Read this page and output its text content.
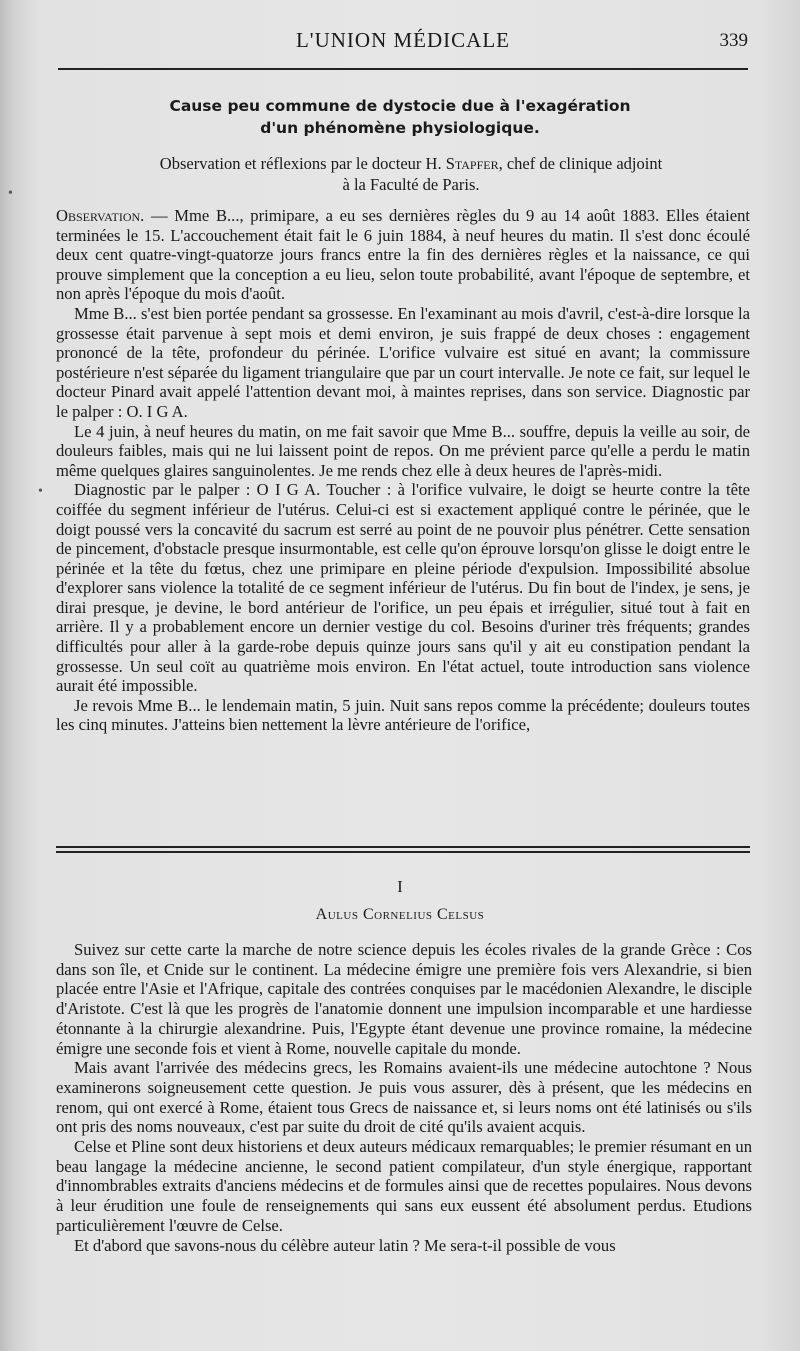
L'UNION MÉDICALE	339
Cause peu commune de dystocie due à l'exagération
d'un phénomène physiologique.
Observation et réflexions par le docteur H. Stapfer, chef de clinique adjoint
à la Faculté de Paris.

Observation. — Mme B..., primipare, a eu ses dernières règles du 9 au 14 août 1883. Elles étaient terminées le 15. L'accouchement était fait le 6 juin 1884, à neuf heures du matin. Il s'est donc écoulé deux cent quatre-vingt-quatorze jours francs entre la fin des dernières règles et la naissance, ce qui prouve simplement que la conception a eu lieu, selon toute probabilité, avant l'époque de septembre, et non après l'époque du mois d'août.

Mme B... s'est bien portée pendant sa grossesse. En l'examinant au mois d'avril, c'est-à-dire lorsque la grossesse était parvenue à sept mois et demi environ, je suis frappé de deux choses : engagement prononcé de la tête, profondeur du périnée. L'orifice vulvaire est situé en avant; la commissure postérieure n'est séparée du ligament triangulaire que par un court intervalle. Je note ce fait, sur lequel le docteur Pinard avait appelé l'attention devant moi, à maintes reprises, dans son service. Diagnostic par le palper : O. I G A.

Le 4 juin, à neuf heures du matin, on me fait savoir que Mme B... souffre, depuis la veille au soir, de douleurs faibles, mais qui ne lui laissent point de repos. On me prévient parce qu'elle a perdu le matin même quelques glaires sanguinolentes. Je me rends chez elle à deux heures de l'après-midi.

Diagnostic par le palper : O I G A. Toucher : à l'orifice vulvaire, le doigt se heurte contre la tête coiffée du segment inférieur de l'utérus. Celui-ci est si exactement appliqué contre le périnée, que le doigt poussé vers la concavité du sacrum est serré au point de ne pouvoir plus pénétrer. Cette sensation de pincement, d'obstacle presque insurmontable, est celle qu'on éprouve lorsqu'on glisse le doigt entre le périnée et la tête du fœtus, chez une primipare en pleine période d'expulsion. Impossibilité absolue d'explorer sans violence la totalité de ce segment inférieur de l'utérus. Du fin bout de l'index, je sens, je dirai presque, je devine, le bord antérieur de l'orifice, un peu épais et irrégulier, situé tout à fait en arrière. Il y a probablement encore un dernier vestige du col. Besoins d'uriner très fréquents; grandes difficultés pour aller à la garde-robe depuis quinze jours sans qu'il y ait eu constipation pendant la grossesse. Un seul coït au quatrième mois environ. En l'état actuel, toute introduction sans violence aurait été impossible.

Je revois Mme B... le lendemain matin, 5 juin. Nuit sans repos comme la précédente; douleurs toutes les cinq minutes. J'atteins bien nettement la lèvre antérieure de l'orifice,

I
Aulus Cornelius Celsus

Suivez sur cette carte la marche de notre science depuis les écoles rivales de la grande Grèce : Cos dans son île, et Cnide sur le continent. La médecine émigre une première fois vers Alexandrie, si bien placée entre l'Asie et l'Afrique, capitale des contrées conquises par le macédonien Alexandre, le disciple d'Aristote. C'est là que les progrès de l'anatomie donnent une impulsion incomparable et une hardiesse étonnante à la chirurgie alexandrine. Puis, l'Egypte étant devenue une province romaine, la médecine émigre une seconde fois et vient à Rome, nouvelle capitale du monde.

Mais avant l'arrivée des médecins grecs, les Romains avaient-ils une médecine autochtone ? Nous examinerons soigneusement cette question. Je puis vous assurer, dès à présent, que les médecins en renom, qui ont exercé à Rome, étaient tous Grecs de naissance et, si leurs noms ont été latinisés ou s'ils ont pris des noms nouveaux, c'est par suite du droit de cité qu'ils avaient acquis.

Celse et Pline sont deux historiens et deux auteurs médicaux remarquables; le premier résumant en un beau langage la médecine ancienne, le second patient compilateur, d'un style énergique, rapportant d'innombrables extraits d'anciens médecins et de formules ainsi que de recettes populaires. Nous devons à leur érudition une foule de renseignements qui sans eux eussent été absolument perdus. Etudions particulièrement l'œuvre de Celse.

Et d'abord que savons-nous du célèbre auteur latin ? Me sera-t-il possible de vous

•
•
